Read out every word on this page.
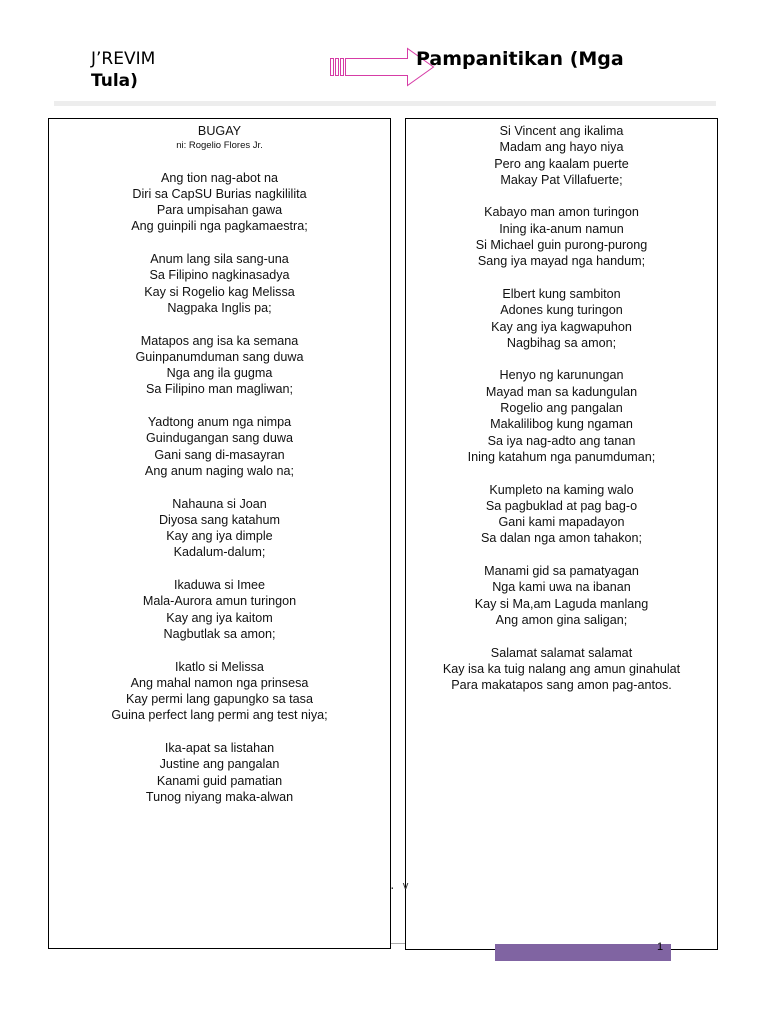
J’REVIM
Tula)
Pampanitikan (Mga
BUGAY
ni: Rogelio Flores Jr.
Ang tion nag-abot na
Diri sa CapSU Burias nagkililita
Para umpisahan gawa
Ang guinpili nga pagkamaestra;
Anum lang sila sang-una
Sa Filipino nagkinasadya
Kay si Rogelio kag Melissa
Nagpaka Inglis pa;
Matapos ang isa ka semana
Guinpanumduman sang duwa
Nga ang ila gugma
Sa Filipino man magliwan;
Yadtong anum nga nimpa
Guindugangan sang duwa
Gani sang di-masayran
Ang anum naging walo na;
Nahauna si Joan
Diyosa sang katahum
Kay ang iya dimple
Kadalum-dalum;
Ikaduwa si Imee
Mala-Aurora amun turingon
Kay ang iya kaitom
Nagbutlak sa amon;
Ikatlo si Melissa
Ang mahal namon nga prinsesa
Kay permi lang gapungko sa tasa
Guina perfect lang permi ang test niya;
Ika-apat sa listahan
Justine ang pangalan
Kanami guid pamatian
Tunog niyang maka-alwan
Si Vincent ang ikalima
Madam ang hayo niya
Pero ang kaalam puerte
Makay Pat Villafuerte;
Kabayo man amon turingon
Ining ika-anum namun
Si Michael guin purong-purong
Sang iya mayad nga handum;
Elbert kung sambiton
Adones kung turingon
Kay ang iya kagwapuhon
Nagbihag sa amon;
Henyo ng karunungan
Mayad man sa kadungulan
Rogelio ang pangalan
Makalilibog kung ngaman
Sa iya nag-adto ang tanan
Ining katahum nga panumduman;
Kumpleto na kaming walo
Sa pagbuklad at pag bag-o
Gani kami mapadayon
Sa dalan nga amon tahakon;
Manami gid sa pamatyagan
Nga kami uwa na ibanan
Kay si Ma,am Laguda manlang
Ang amon gina saligan;
Salamat salamat salamat
Kay isa ka tuig nalang ang amun ginahulat
Para makatapos sang amon pag-antos.
. v
1
